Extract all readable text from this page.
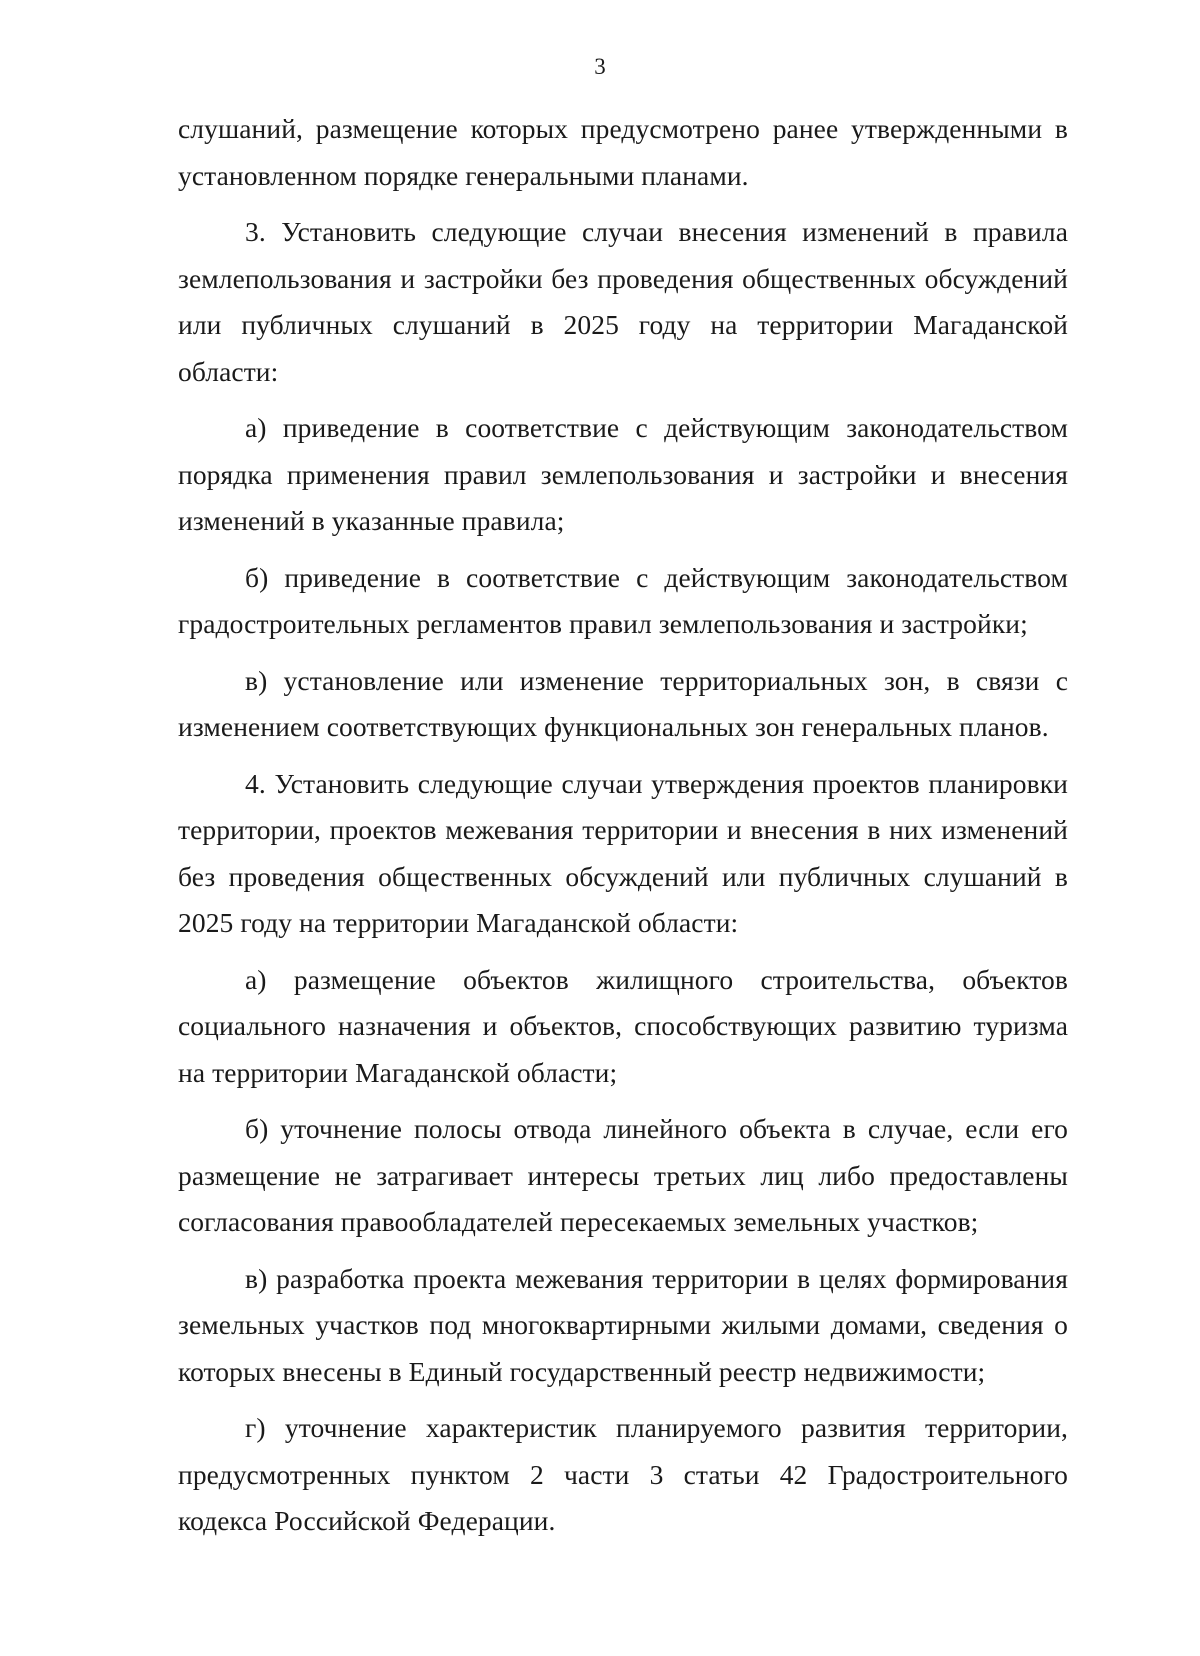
3

слушаний, размещение которых предусмотрено ранее утвержденными в установленном порядке генеральными планами.

3. Установить следующие случаи внесения изменений в правила землепользования и застройки без проведения общественных обсуждений или публичных слушаний в 2025 году на территории Магаданской области:

а) приведение в соответствие с действующим законодательством порядка применения правил землепользования и застройки и внесения изменений в указанные правила;

б) приведение в соответствие с действующим законодательством градостроительных регламентов правил землепользования и застройки;

в) установление или изменение территориальных зон, в связи с изменением соответствующих функциональных зон генеральных планов.

4. Установить следующие случаи утверждения проектов планировки территории, проектов межевания территории и внесения в них изменений без проведения общественных обсуждений или публичных слушаний в 2025 году на территории Магаданской области:

а) размещение объектов жилищного строительства, объектов социального назначения и объектов, способствующих развитию туризма на территории Магаданской области;

б) уточнение полосы отвода линейного объекта в случае, если его размещение не затрагивает интересы третьих лиц либо предоставлены согласования правообладателей пересекаемых земельных участков;

в) разработка проекта межевания территории в целях формирования земельных участков под многоквартирными жилыми домами, сведения о которых внесены в Единый государственный реестр недвижимости;

г) уточнение характеристик планируемого развития территории, предусмотренных пунктом 2 части 3 статьи 42 Градостроительного кодекса Российской Федерации.
